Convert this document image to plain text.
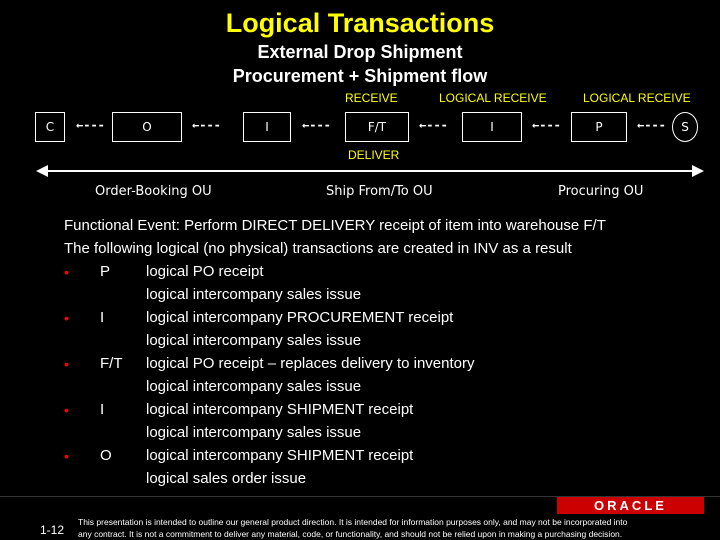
Logical Transactions
External Drop Shipment
Procurement + Shipment flow
RECEIVE	LOGICAL RECEIVE	LOGICAL RECEIVE
C	←---	O	←---	I	←---	F/T	←---	I	←---	P	←---	S
DELIVER
Order-Booking OU	Ship From/To OU	Procuring OU
Functional Event: Perform DIRECT DELIVERY receipt of item into warehouse F/T
The following logical (no physical) transactions are created in INV as a result
• P logical PO receipt
logical intercompany sales issue
• I	logical intercompany PROCUREMENT receipt
logical intercompany sales issue
• F/T logical PO receipt – replaces delivery to inventory
logical intercompany sales issue
• I	logical intercompany SHIPMENT receipt
logical intercompany sales issue
• O logical intercompany SHIPMENT receipt
logical sales order issue
ORACLE
1-12
This presentation is intended to outline our general product direction. It is intended for information purposes only, and may not be incorporated into
any contract. It is not a commitment to deliver any material, code, or functionality, and should not be relied upon in making a purchasing decision.
